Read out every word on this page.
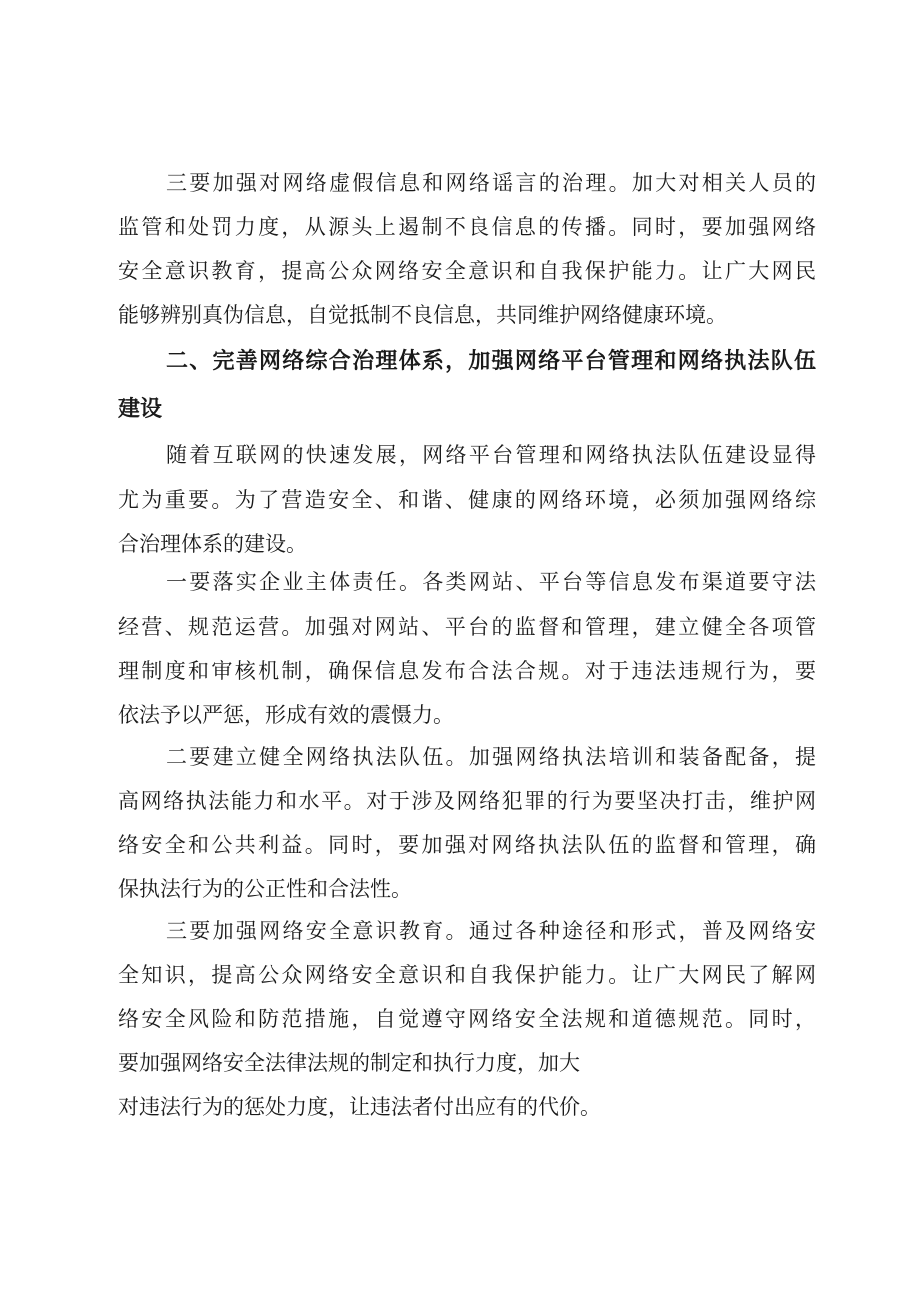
三要加强对网络虚假信息和网络谣言的治理。加大对相关人员的
监管和处罚力度，从源头上遏制不良信息的传播。同时，要加强网络
安全意识教育，提高公众网络安全意识和自我保护能力。让广大网民
能够辨别真伪信息，自觉抵制不良信息，共同维护网络健康环境。
二、完善网络综合治理体系，加强网络平台管理和网络执法队伍
建设
随着互联网的快速发展，网络平台管理和网络执法队伍建设显得
尤为重要。为了营造安全、和谐、健康的网络环境，必须加强网络综
合治理体系的建设。
一要落实企业主体责任。各类网站、平台等信息发布渠道要守法
经营、规范运营。加强对网站、平台的监督和管理，建立健全各项管
理制度和审核机制，确保信息发布合法合规。对于违法违规行为，要
依法予以严惩，形成有效的震慑力。
二要建立健全网络执法队伍。加强网络执法培训和装备配备，提
高网络执法能力和水平。对于涉及网络犯罪的行为要坚决打击，维护网
络安全和公共利益。同时，要加强对网络执法队伍的监督和管理，确
保执法行为的公正性和合法性。
三要加强网络安全意识教育。通过各种途径和形式，普及网络安
全知识，提高公众网络安全意识和自我保护能力。让广大网民了解网
络安全风险和防范措施，自觉遵守网络安全法规和道德规范。同时，
要加强网络安全法律法规的制定和执行力度，加大
对违法行为的惩处力度，让违法者付出应有的代价。
